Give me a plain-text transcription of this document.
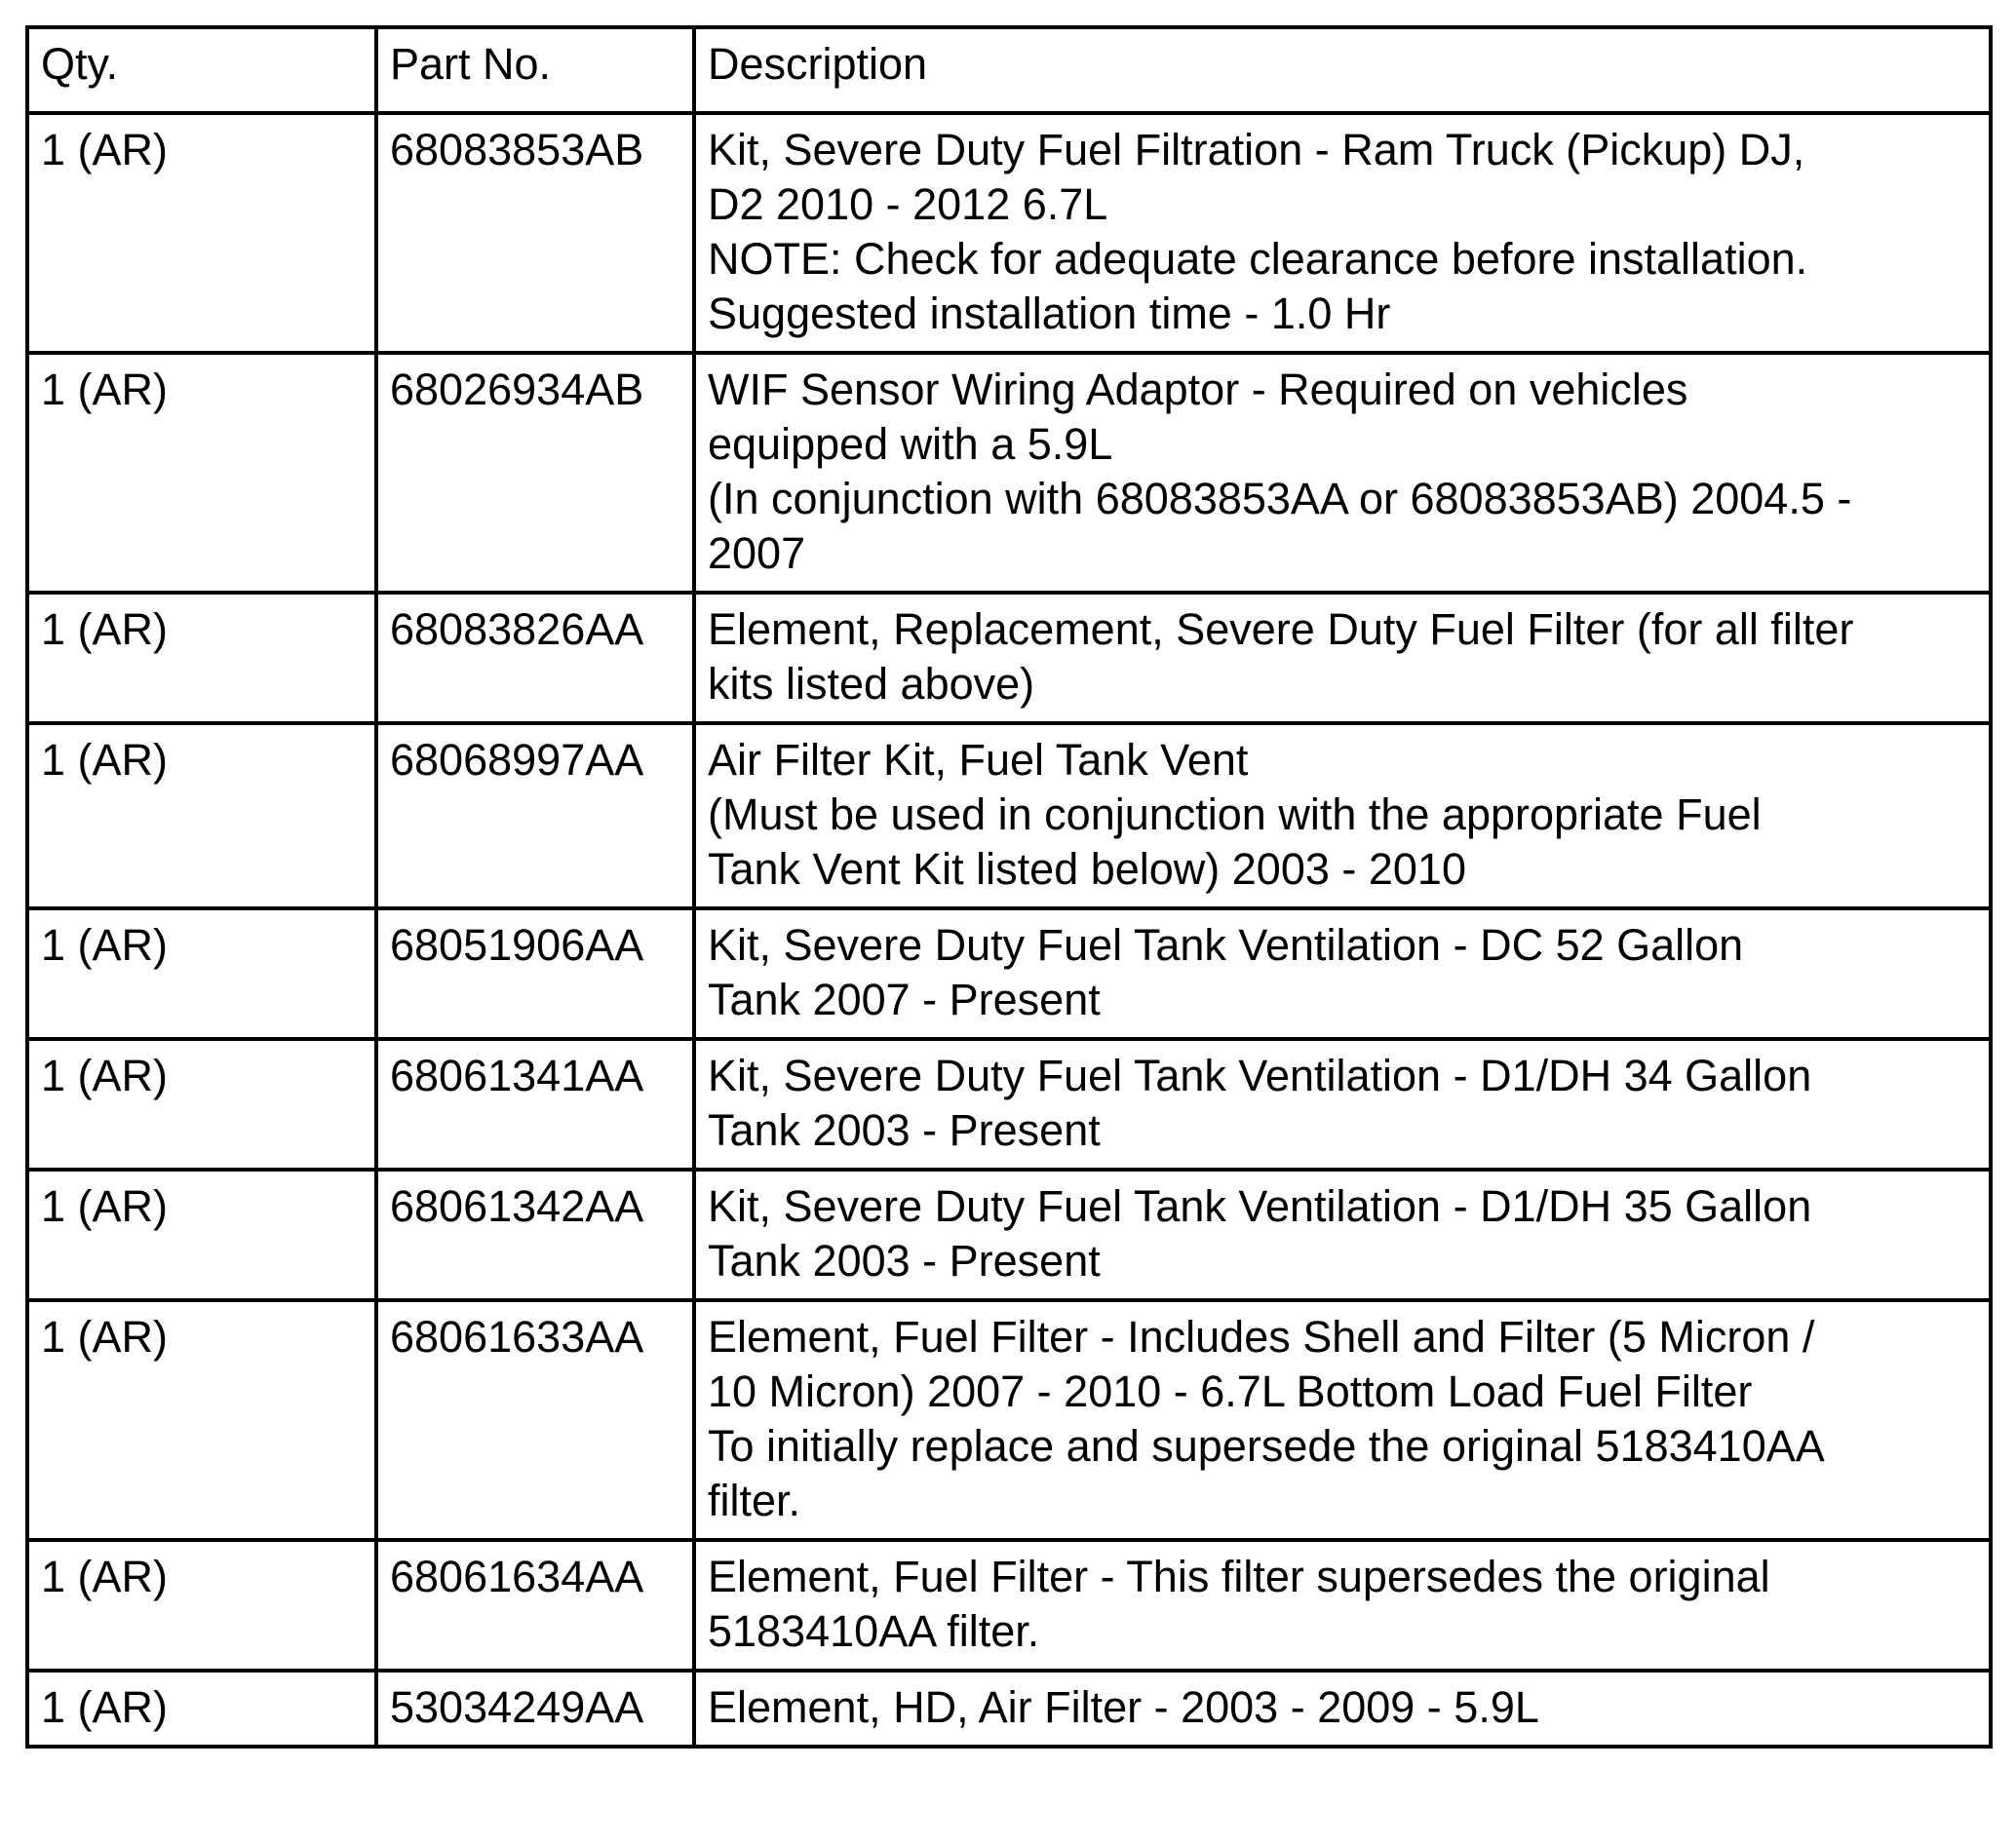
Qty.	Part No.	Description
1 (AR)	68083853AB	Kit, Severe Duty Fuel Filtration - Ram Truck (Pickup) DJ,
D2 2010 - 2012 6.7L
NOTE: Check for adequate clearance before installation.
Suggested installation time - 1.0 Hr
1 (AR)	68026934AB	WIF Sensor Wiring Adaptor - Required on vehicles
equipped with a 5.9L
(In conjunction with 68083853AA or 68083853AB) 2004.5 -
2007
1 (AR)	68083826AA	Element, Replacement, Severe Duty Fuel Filter (for all filter
kits listed above)
1 (AR)	68068997AA	Air Filter Kit, Fuel Tank Vent
(Must be used in conjunction with the appropriate Fuel
Tank Vent Kit listed below) 2003 - 2010
1 (AR)	68051906AA	Kit, Severe Duty Fuel Tank Ventilation - DC 52 Gallon
Tank 2007 - Present
1 (AR)	68061341AA	Kit, Severe Duty Fuel Tank Ventilation - D1/DH 34 Gallon
Tank 2003 - Present
1 (AR)	68061342AA	Kit, Severe Duty Fuel Tank Ventilation - D1/DH 35 Gallon
Tank 2003 - Present
1 (AR)	68061633AA	Element, Fuel Filter - Includes Shell and Filter (5 Micron /
10 Micron) 2007 - 2010 - 6.7L Bottom Load Fuel Filter
To initially replace and supersede the original 5183410AA
filter.
1 (AR)	68061634AA	Element, Fuel Filter - This filter supersedes the original
5183410AA filter.
1 (AR)	53034249AA	Element, HD, Air Filter - 2003 - 2009 - 5.9L
